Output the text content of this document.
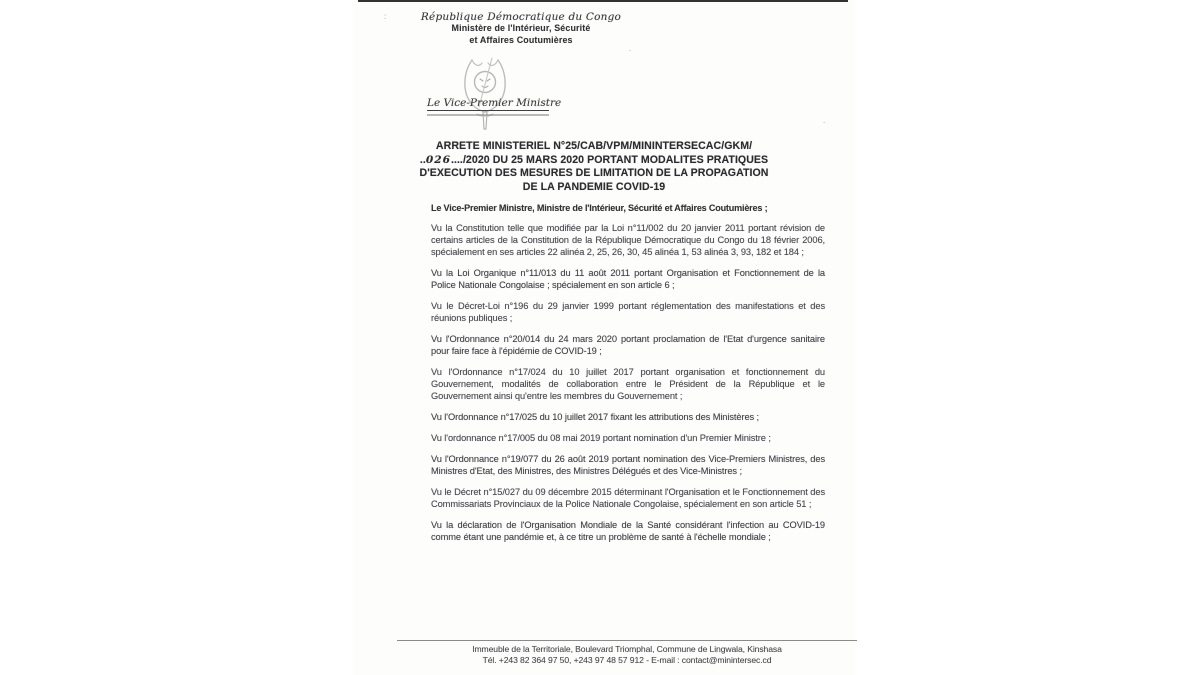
:
.
.
République Démocratique du Congo
Ministère de l'Intérieur, Sécurité
et Affaires Coutumières
Le Vice-Premier Ministre
ARRETE MINISTERIEL N°25/CAB/VPM/MININTERSECAC/GKM/
..026..../2020 DU 25 MARS 2020 PORTANT MODALITES PRATIQUES
D'EXECUTION DES MESURES DE LIMITATION DE LA PROPAGATION
DE LA PANDEMIE COVID-19
Le Vice-Premier Ministre, Ministre de l'Intérieur, Sécurité et Affaires Coutumières ;

Vu la Constitution telle que modifiée par la Loi n°11/002 du 20 janvier 2011 portant révision de certains articles de la Constitution de la République Démocratique du Congo du 18 février 2006, spécialement en ses articles 22 alinéa 2, 25, 26, 30, 45 alinéa 1, 53 alinéa 3, 93, 182 et 184 ;

Vu la Loi Organique n°11/013 du 11 août 2011 portant Organisation et Fonctionnement de la Police Nationale Congolaise ; spécialement en son article 6 ;

Vu le Décret-Loi n°196 du 29 janvier 1999 portant réglementation des manifestations et des réunions publiques ;

Vu l'Ordonnance n°20/014 du 24 mars 2020 portant proclamation de l'Etat d'urgence sanitaire pour faire face à l'épidémie de COVID-19 ;

Vu l'Ordonnance n°17/024 du 10 juillet 2017 portant organisation et fonctionnement du Gouvernement, modalités de collaboration entre le Président de la République et le Gouvernement ainsi qu'entre les membres du Gouvernement ;

Vu l'Ordonnance n°17/025 du 10 juillet 2017 fixant les attributions des Ministères ;

Vu l'ordonnance n°17/005 du 08 mai 2019 portant nomination d'un Premier Ministre ;

Vu l'Ordonnance n°19/077 du 26 août 2019 portant nomination des Vice-Premiers Ministres, des Ministres d'Etat, des Ministres, des Ministres Délégués et des Vice-Ministres ;

Vu le Décret n°15/027 du 09 décembre 2015 déterminant l'Organisation et le Fonctionnement des Commissariats Provinciaux de la Police Nationale Congolaise, spécialement en son article 51 ;

Vu la déclaration de l'Organisation Mondiale de la Santé considérant l'infection au COVID-19 comme étant une pandémie et, à ce titre un problème de santé à l'échelle mondiale ;

Immeuble de la Territoriale, Boulevard Triomphal, Commune de Lingwala, Kinshasa
Tél. +243 82 364 97 50, +243 97 48 57 912 - E-mail : contact@minintersec.cd
